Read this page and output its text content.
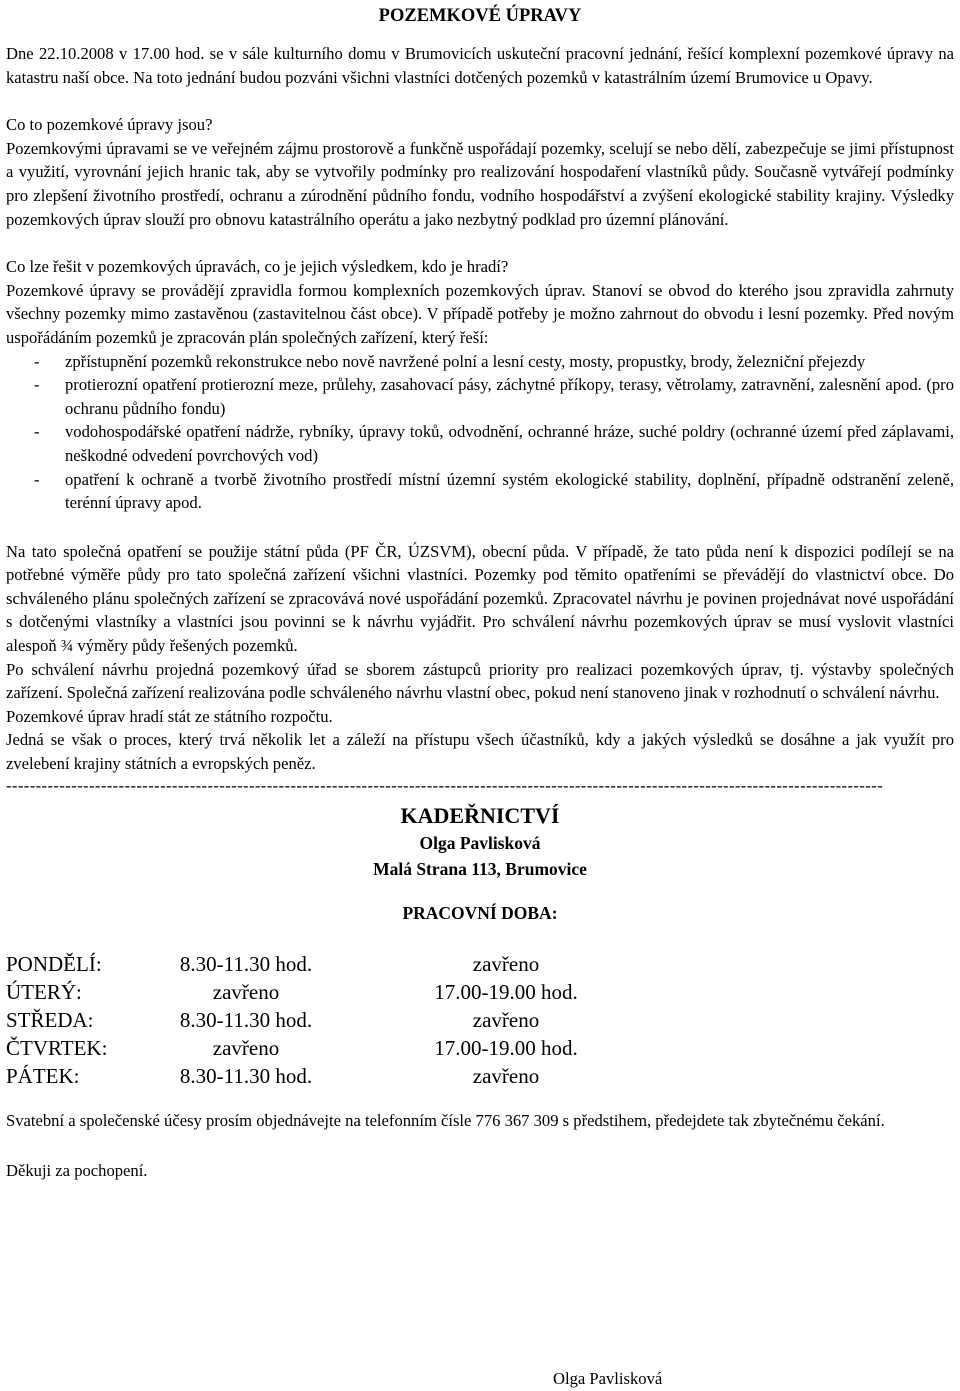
POZEMKOVÉ ÚPRAVY

Dne 22.10.2008 v 17.00 hod. se v sále kulturního domu v Brumovicích uskuteční pracovní jednání, řešící komplexní pozemkové úpravy na katastru naší obce. Na toto jednání budou pozváni všichni vlastníci dotčených pozemků v katastrálním území Brumovice u Opavy.

Co to pozemkové úpravy jsou?

Pozemkovými úpravami se ve veřejném zájmu prostorově a funkčně uspořádají pozemky, scelují se nebo dělí, zabezpečuje se jimi přístupnost a využití, vyrovnání jejich hranic tak, aby se vytvořily podmínky pro realizování hospodaření vlastníků půdy. Současně vytvářejí podmínky pro zlepšení životního prostředí, ochranu a zúrodnění půdního fondu, vodního hospodářství a zvýšení ekologické stability krajiny. Výsledky pozemkových úprav slouží pro obnovu katastrálního operátu a jako nezbytný podklad pro územní plánování.

Co lze řešit v pozemkových úpravách, co je jejich výsledkem, kdo je hradí?

Pozemkové úpravy se provádějí zpravidla formou komplexních pozemkových úprav. Stanoví se obvod do kterého jsou zpravidla zahrnuty všechny pozemky mimo zastavěnou (zastavitelnou část obce). V případě potřeby je možno zahrnout do obvodu i lesní pozemky. Před novým uspořádáním pozemků je zpracován plán společných zařízení, který řeší:

- zpřístupnění pozemků rekonstrukce nebo nově navržené polní a lesní cesty, mosty, propustky, brody, železniční přejezdy
- protierozní opatření protierozní meze, průlehy, zasahovací pásy, záchytné příkopy, terasy, větrolamy, zatravnění, zalesnění apod. (pro ochranu půdního fondu)
- vodohospodářské opatření nádrže, rybníky, úpravy toků, odvodnění, ochranné hráze, suché poldry (ochranné území před záplavami, neškodné odvedení povrchových vod)
- opatření k ochraně a tvorbě životního prostředí místní územní systém ekologické stability, doplnění, případně odstranění zeleně, terénní úpravy apod.

Na tato společná opatření se použije státní půda (PF ČR, ÚZSVM), obecní půda. V případě, že tato půda není k dispozici podílejí se na potřebné výměře půdy pro tato společná zařízení všichni vlastníci. Pozemky pod těmito opatřeními se převádějí do vlastnictví obce. Do schváleného plánu společných zařízení se zpracovává nové uspořádání pozemků. Zpracovatel návrhu je povinen projednávat nové uspořádání s dotčenými vlastníky a vlastníci jsou povinni se k návrhu vyjádřit. Pro schválení návrhu pozemkových úprav se musí vyslovit vlastníci alespoň ¾ výměry půdy řešených pozemků.

Po schválení návrhu projedná pozemkový úřad se sborem zástupců priority pro realizaci pozemkových úprav, tj. výstavby společných zařízení. Společná zařízení realizována podle schváleného návrhu vlastní obec, pokud není stanoveno jinak v rozhodnutí o schválení návrhu.

Pozemkové úprav hradí stát ze státního rozpočtu.

Jedná se však o proces, který trvá několik let a záleží na přístupu všech účastníků, kdy a jakých výsledků se dosáhne a jak využít pro zvelebení krajiny státních a evropských peněz.

----------------------------------------------------------------------------------------------------------------------------------------------------
KADEŘNICTVÍ
Olga Pavlisková
Malá Strana 113, Brumovice
PRACOVNÍ DOBA:
PONDĚLÍ:	8.30-11.30 hod.	zavřeno
ÚTERÝ:	zavřeno	17.00-19.00 hod.
STŘEDA:	8.30-11.30 hod.	zavřeno
ČTVRTEK:	zavřeno	17.00-19.00 hod.
PÁTEK:	8.30-11.30 hod.	zavřeno

Svatební a společenské účesy prosím objednávejte na telefonním čísle 776 367 309 s předstihem, předejdete tak zbytečnému čekání.

Děkuji za pochopení.

Olga Pavlisková
